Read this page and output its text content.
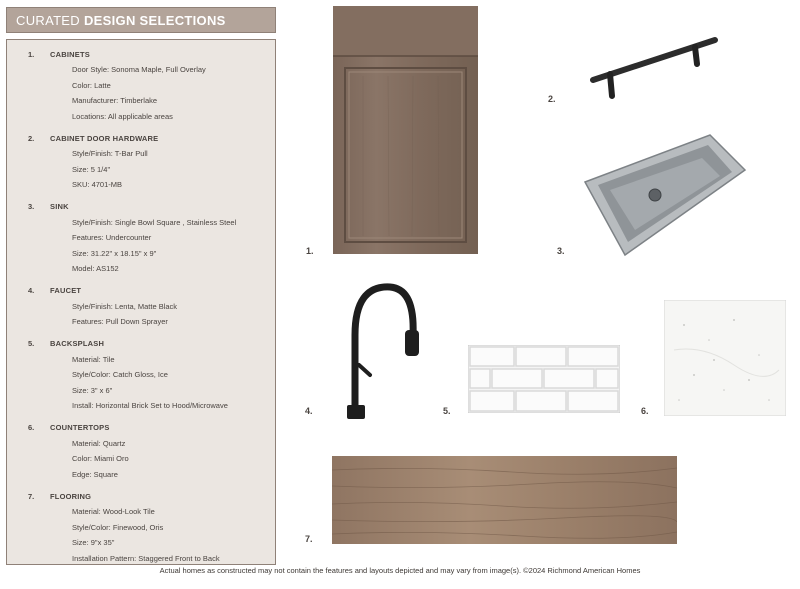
CURATED DESIGN SELECTIONS
1.	CABINETS
Door Style: Sonoma Maple, Full Overlay
Color: Latte
Manufacturer: Timberlake
Locations: All applicable areas
2.	CABINET DOOR HARDWARE
Style/Finish: T-Bar Pull
Size: 5 1/4"
SKU: 4701-MB
3.	SINK
Style/Finish: Single Bowl Square , Stainless Steel
Features: Undercounter
Size: 31.22" x 18.15" x 9"
Model: AS152
4.	FAUCET
Style/Finish: Lenta, Matte Black
Features: Pull Down Sprayer
5.	BACKSPLASH
Material: Tile
Style/Color: Catch Gloss, Ice
Size: 3" x 6"
Install: Horizontal Brick Set to Hood/Microwave
6.	COUNTERTOPS
Material: Quartz
Color: Miami Oro
Edge: Square
7.	FLOORING
Material: Wood-Look Tile
Style/Color: Finewood, Oris
Size: 9"x 35"
Installation Pattern: Staggered Front to Back
1.
2.
3.
4.	5.	6.
7.
Actual homes as constructed may not contain the features and layouts depicted and may vary from image(s). ©2024 Richmond American Homes
